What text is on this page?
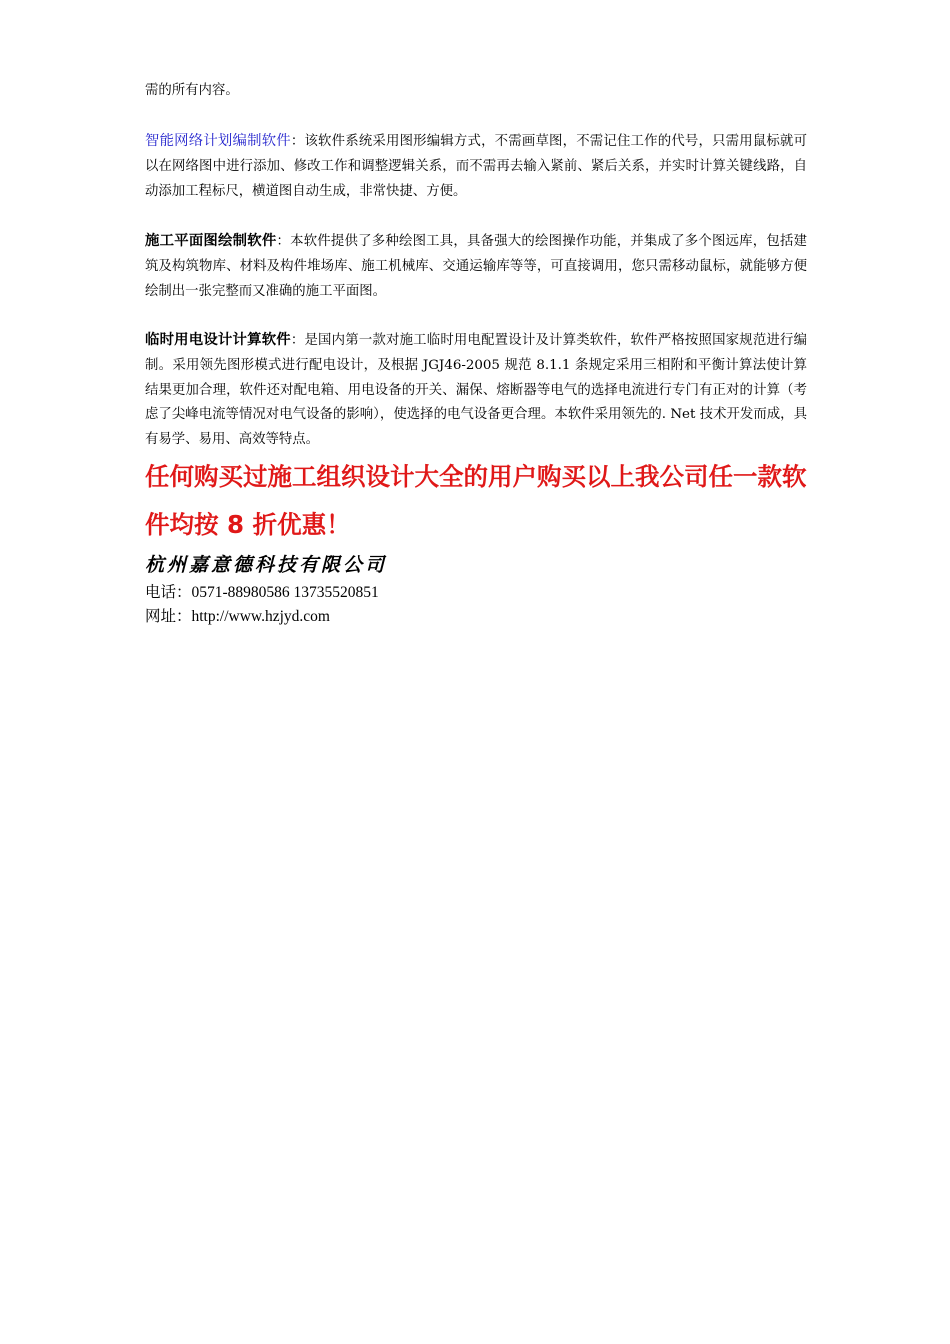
需的所有内容。

智能网络计划编制软件：该软件系统采用图形编辑方式，不需画草图，不需记住工作的代号，只需用鼠标就可以在网络图中进行添加、修改工作和调整逻辑关系，而不需再去输入紧前、紧后关系，并实时计算关键线路，自动添加工程标尺，横道图自动生成，非常快捷、方便。

施工平面图绘制软件：本软件提供了多种绘图工具，具备强大的绘图操作功能，并集成了多个图远库，包括建筑及构筑物库、材料及构件堆场库、施工机械库、交通运输库等等，可直接调用，您只需移动鼠标，就能够方便绘制出一张完整而又准确的施工平面图。

临时用电设计计算软件：是国内第一款对施工临时用电配置设计及计算类软件，软件严格按照国家规范进行编制。采用领先图形模式进行配电设计，及根据 JGJ46-2005 规范 8.1.1 条规定采用三相附和平衡计算法使计算结果更加合理，软件还对配电箱、用电设备的开关、漏保、熔断器等电气的选择电流进行专门有正对的计算（考虑了尖峰电流等情况对电气设备的影响），使选择的电气设备更合理。本软件采用领先的. Net 技术开发而成，具有易学、易用、高效等特点。

任何购买过施工组织设计大全的用户购买以上我公司任一款软件均按 8 折优惠！

杭州嘉意德科技有限公司
电话：0571-88980586 13735520851
网址：http://www.hzjyd.com
